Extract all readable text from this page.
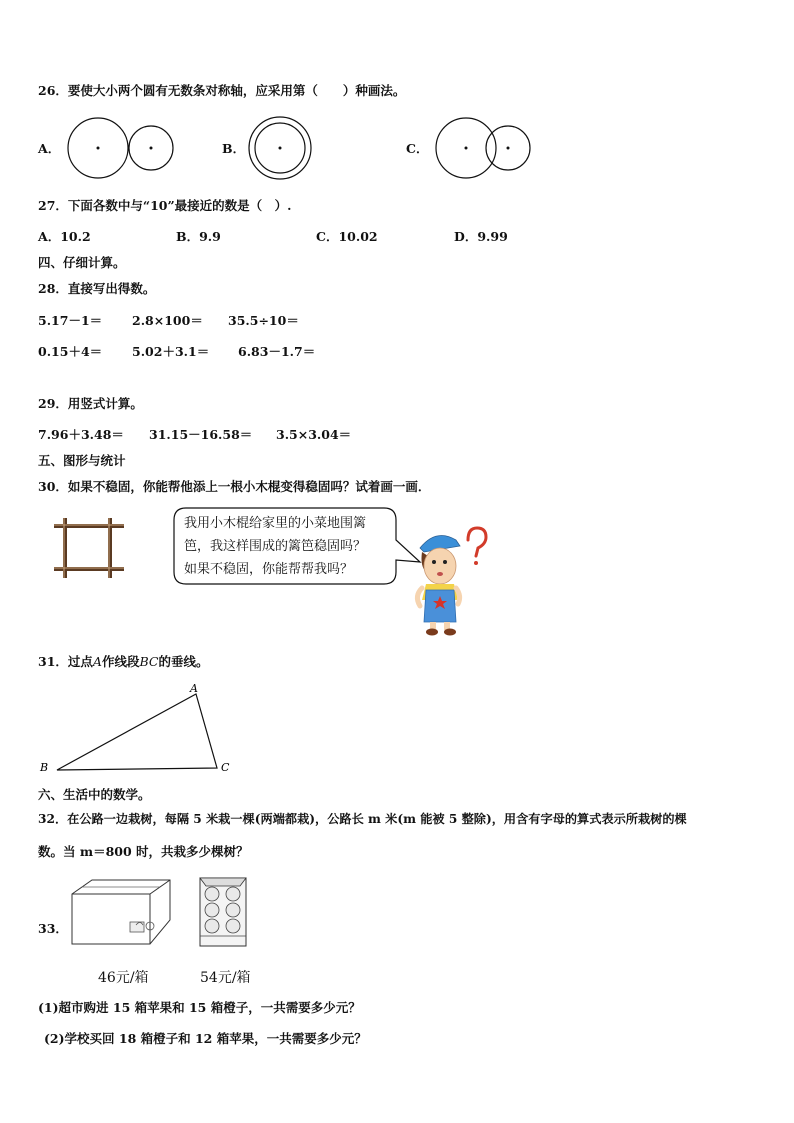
26．要使大小两个圆有无数条对称轴，应采用第（　　）种画法。
A．	B．	C．
27．下面各数中与“10”最接近的数是（　）.
A．10.2	B．9.9	C．10.02	D．9.99
四、仔细计算。
28．直接写出得数。
5.17－1＝ 2.8×100＝ 35.5÷10＝
0.15＋4＝ 5.02＋3.1＝ 6.83－1.7＝
29．用竖式计算。
7.96＋3.48＝ 31.15－16.58＝ 3.5×3.04＝
五、图形与统计
30．如果不稳固，你能帮他添上一根小木棍变得稳固吗？试着画一画．
我用小木棍给家里的小菜地围篱
笆，我这样围成的篱笆稳固吗？
如果不稳固，你能帮帮我吗？
31．过点A作线段BC的垂线。
A
B	C
六、生活中的数学。
32．在公路一边栽树，每隔 5 米栽一棵(两端都栽)，公路长 m 米(m 能被 5 整除)，用含有字母的算式表示所栽树的棵
数。当 m＝800 时，共栽多少棵树？
33．
46元/箱	54元/箱
(1)超市购进 15 箱苹果和 15 箱橙子，一共需要多少元？
(2)学校买回 18 箱橙子和 12 箱苹果，一共需要多少元？
